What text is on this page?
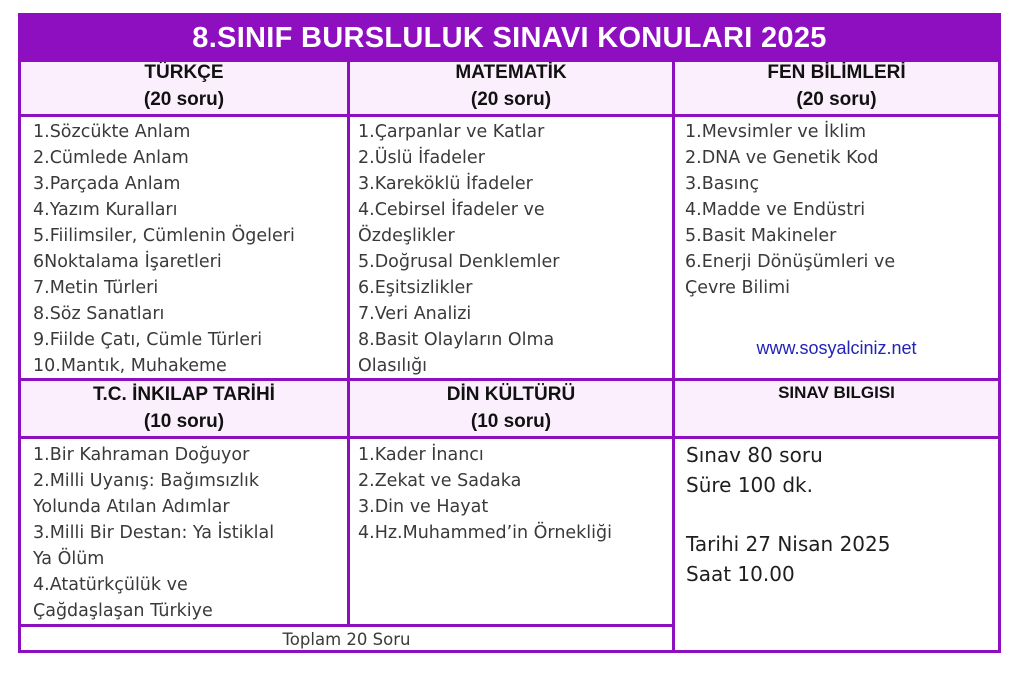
8.SINIF BURSLULUK SINAVI KONULARI 2025
TÜRKÇE
(20 soru)
MATEMATİK
(20 soru)
FEN BİLİMLERİ
(20 soru)
1.Sözcükte Anlam
2.Cümlede Anlam
3.Parçada Anlam
4.Yazım Kuralları
5.Fiilimsiler, Cümlenin Ögeleri
6Noktalama İşaretleri
7.Metin Türleri
8.Söz Sanatları
9.Fiilde Çatı, Cümle Türleri
10.Mantık, Muhakeme
1.Çarpanlar ve Katlar
2.Üslü İfadeler
3.Kareköklü İfadeler
4.Cebirsel İfadeler ve
Özdeşlikler
5.Doğrusal Denklemler
6.Eşitsizlikler
7.Veri Analizi
8.Basit Olayların Olma
Olasılığı
1.Mevsimler ve İklim
2.DNA ve Genetik Kod
3.Basınç
4.Madde ve Endüstri
5.Basit Makineler
6.Enerji Dönüşümleri ve
Çevre Bilimi
www.sosyalciniz.net
T.C. İNKILAP TARİHİ
(10 soru)
DİN KÜLTÜRÜ
(10 soru)
SINAV BILGISI
1.Bir Kahraman Doğuyor
2.Milli Uyanış: Bağımsızlık
Yolunda Atılan Adımlar
3.Milli Bir Destan: Ya İstiklal
Ya Ölüm
4.Atatürkçülük ve
Çağdaşlaşan Türkiye
1.Kader İnancı
2.Zekat ve Sadaka
3.Din ve Hayat
4.Hz.Muhammed’in Örnekliği
Sınav 80 soru
Süre 100 dk.
Tarihi 27 Nisan 2025
Saat 10.00
Toplam 20 Soru
